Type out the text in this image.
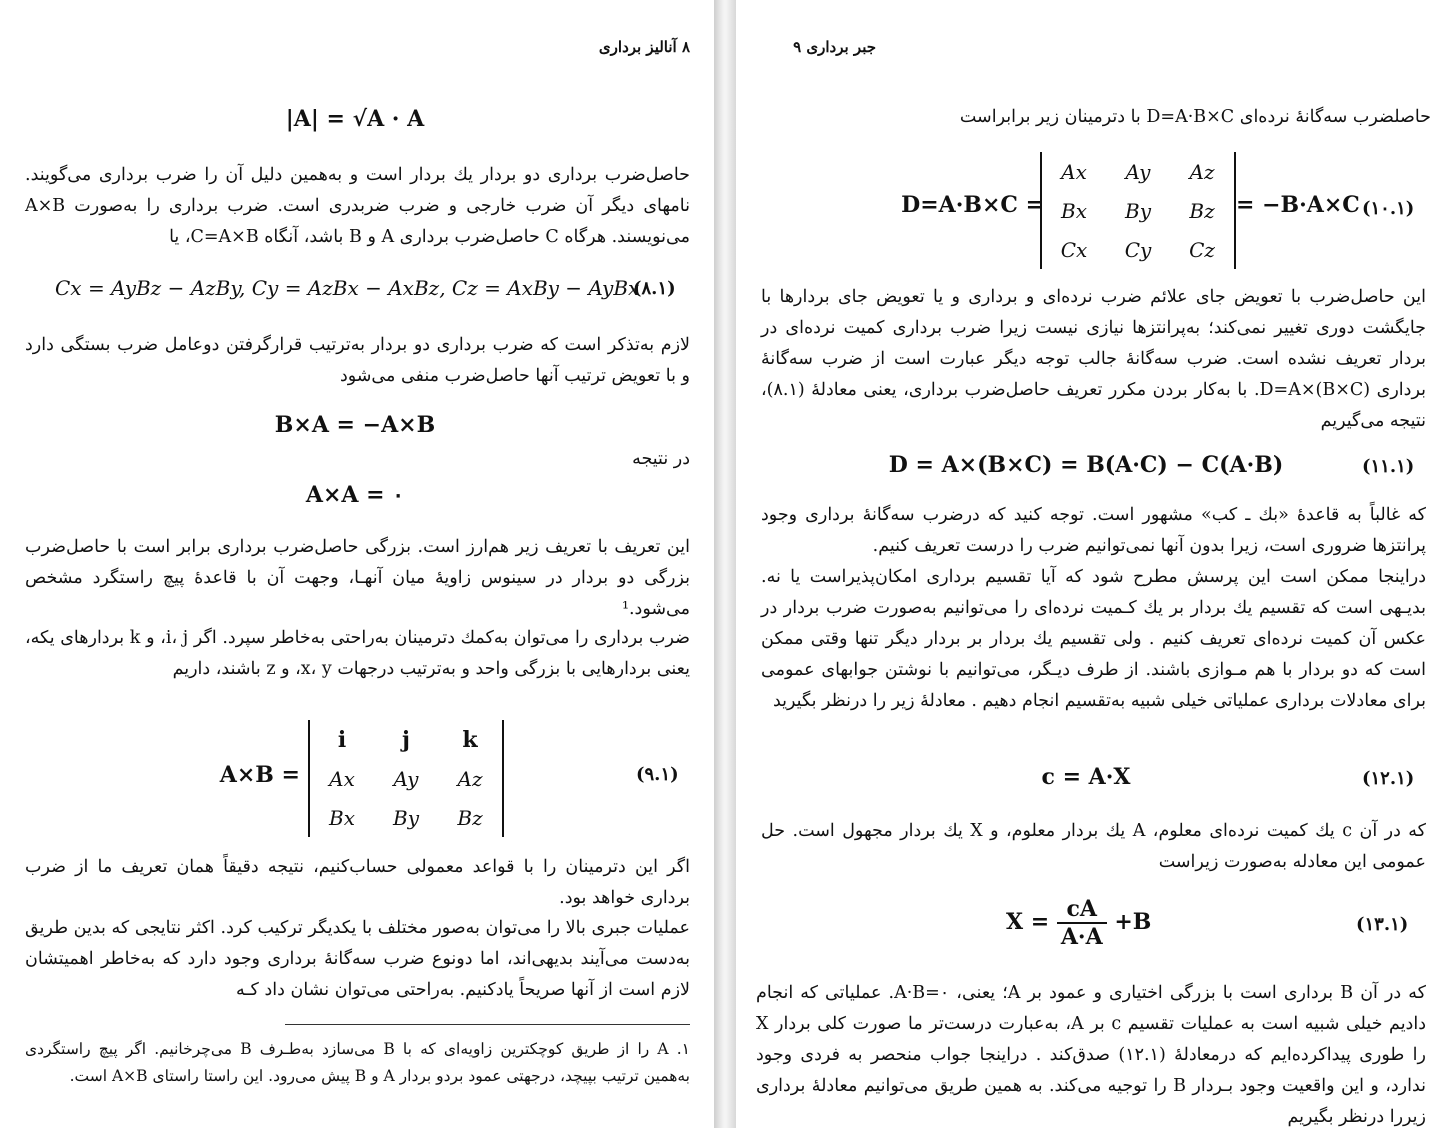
۸ آنالیز برداری
|A| = √A · A

حاصل‌ضرب برداری دو بردار یك بردار است و به‌همین دلیل آن را ضرب برداری می‌گویند. نامهای دیگر آن ضرب خارجی و ضرب ضربدری است. ضرب برداری را به‌صورت A×B می‌نویسند. هرگاه C حاصل‌ضرب برداری A و B باشد، آنگاه C=A×B، یا

Cx = AyBz − AzBy, Cy = AzBx − AxBz, Cz = AxBy − AyBx
(۸.۱)

لازم به‌تذکر است که ضرب برداری دو بردار به‌ترتیب قرارگرفتن دوعامل ضرب بستگی دارد و با تعویض ترتیب آنها حاصل‌ضرب منفی می‌شود

B×A = −A×B

در نتیجه

A×A = ۰

این تعریف با تعریف زیر هم‌ارز است. بزرگی حاصل‌ضرب برداری برابر است با حاصل‌ضرب بزرگی دو بردار در سینوس زاویهٔ میان آنهـا، وجهت آن با قاعدهٔ پیچ راستگرد مشخص می‌شود.¹

ضرب برداری را می‌توان به‌کمك دترمینان به‌راحتی به‌خاطر سپرد. اگر i، j، و k بردارهای یکه، یعنی بردارهایی با بزرگی واحد و به‌ترتیب درجهات x، y، و z باشند، داریم

A×B =
i	j	k
Ax	Ay	Az
Bx	By	Bz
(۹.۱)

اگر این دترمینان را با قواعد معمولی حساب‌کنیم، نتیجه دقیقاً همان تعریف ما از ضرب برداری خواهد بود.

عملیات جبری بالا را می‌توان به‌صور مختلف با یکدیگر ترکیب کرد. اکثر نتایجی که بدین طریق به‌دست می‌آیند بدیهی‌اند، اما دونوع ضرب سه‌گانهٔ برداری وجود دارد که به‌خاطر اهمیتشان لازم است از آنها صریحاً یادکنیم. به‌راحتی می‌توان نشان داد کـه

۱. A را از طریق کوچکترین زاویه‌ای که با B می‌سازد به‌طـرف B می‌چرخانیم. اگر پیچ راستگردی به‌همین ترتیب بپیچد، درجهتی عمود بردو بردار A و B پیش می‌رود. این راستا راستای A×B است.

جبر برداری ۹

حاصلضرب سه‌گانهٔ نرده‌ای D=A·B×C با دترمینان زیر برابراست

D=A·B×C =
Ax	Ay	Az
Bx	By	Bz
Cx	Cy	Cz
= −B·A×C (۱۰.۱)

این حاصل‌ضرب با تعویض جای علائم ضرب نرده‌ای و برداری و یا تعویض جای بردارها با جایگشت دوری تغییر نمی‌کند؛ به‌پرانتزها نیازی نیست زیرا ضرب برداری کمیت نرده‌ای در بردار تعریف نشده است. ضرب سه‌گانهٔ جالب توجه دیگر عبارت است از ضرب سه‌گانهٔ برداری D=A×(B×C). با به‌کار بردن مکرر تعریف حاصل‌ضرب برداری، یعنی معادلهٔ (۸.۱)، نتیجه می‌گیریم

D = A×(B×C) = B(A·C) − C(A·B)	(۱۱.۱)

که غالباً به قاعدهٔ «بك ـ کب» مشهور است. توجه کنید که درضرب سه‌گانهٔ برداری وجود پرانتزها ضروری است، زیرا بدون آنها نمی‌توانیم ضرب را درست تعریف کنیم.

دراینجا ممکن است این پرسش مطرح شود که آیا تقسیم برداری امکان‌پذیراست یا نه. بدیـهی است که تقسیم یك بردار بر یك کـمیت نرده‌ای را می‌توانیم به‌صورت ضرب بردار در عکس آن کمیت نرده‌ای تعریف کنیم . ولی تقسیم یك بردار بر بردار دیگر تنها وقتی ممکن است که دو بردار با هم مـوازی باشند. از طرف دیـگر، می‌توانیم با نوشتن جوابهای عمومی برای معادلات برداری عملیاتی خیلی شبیه به‌تقسیم انجام دهیم . معادلهٔ زیر را درنظر بگیرید

c = A·X	(۱۲.۱)

که در آن c یك کمیت نرده‌ای معلوم، A یك بردار معلوم، و X یك بردار مجهول است. حل عمومی این معادله به‌صورت زیراست

$X = \frac{cA}{A\cdot A} +B$	(۱۳.۱)

که در آن B برداری است با بزرگی اختیاری و عمود بر A؛ یعنی، A·B=۰. عملیاتی که انجام دادیم خیلی شبیه است به عملیات تقسیم c بر A، به‌عبارت درست‌تر ما صورت کلی بردار X را طوری پیداکرده‌ایم که درمعادلهٔ (۱۲.۱) صدق‌کند . دراینجا جواب منحصر به فردی وجود ندارد، و این واقعیت وجود بـردار B را توجیه می‌کند. به همین طریق می‌توانیم معادلهٔ برداری زیررا درنظر بگیریم
